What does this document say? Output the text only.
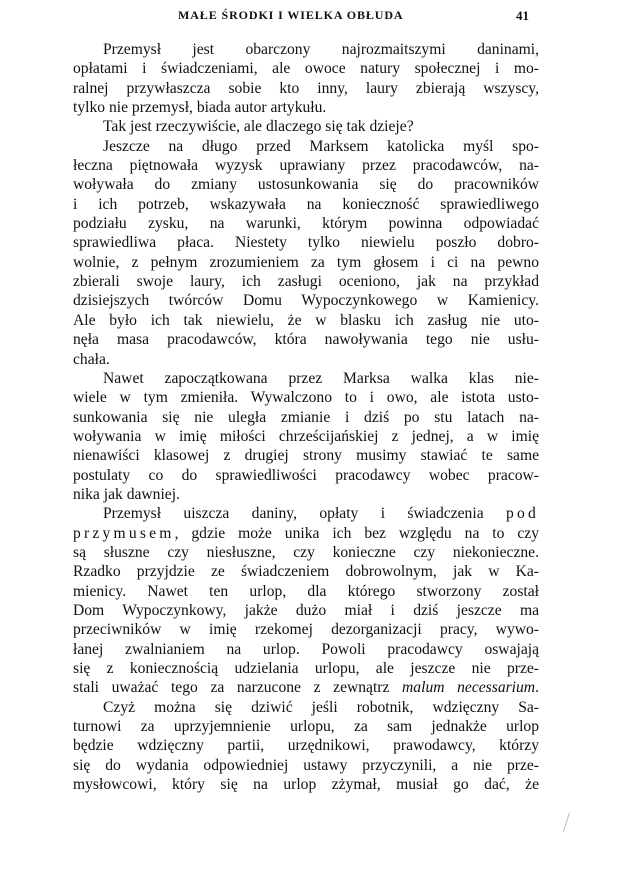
MAŁE ŚRODKI I WIELKA OBŁUDA	41
Przemysł jest obarczony najrozmaitszymi daninami,
opłatami i świadczeniami, ale owoce natury społecznej i mo-
ralnej przywłaszcza sobie kto inny, laury zbierają wszyscy,
tylko nie przemysł, biada autor artykułu.
Tak jest rzeczywiście, ale dlaczego się tak dzieje?
Jeszcze na długo przed Marksem katolicka myśl spo-
łeczna piętnowała wyzysk uprawiany przez pracodawców, na-
woływała do zmiany ustosunkowania się do pracowników
i ich potrzeb, wskazywała na konieczność sprawiedliwego
podziału zysku, na warunki, którym powinna odpowiadać
sprawiedliwa płaca. Niestety tylko niewielu poszło dobro-
wolnie, z pełnym zrozumieniem za tym głosem i ci na pewno
zbierali swoje laury, ich zasługi oceniono, jak na przykład
dzisiejszych twórców Domu Wypoczynkowego w Kamienicy.
Ale było ich tak niewielu, że w blasku ich zasług nie uto-
nęła masa pracodawców, która nawoływania tego nie usłu-
chała.
Nawet zapoczątkowana przez Marksa walka klas nie-
wiele w tym zmieniła. Wywalczono to i owo, ale istota usto-
sunkowania się nie uległa zmianie i dziś po stu latach na-
woływania w imię miłości chrześcijańskiej z jednej, a w imię
nienawiści klasowej z drugiej strony musimy stawiać te same
postulaty co do sprawiedliwości pracodawcy wobec pracow-
nika jak dawniej.
Przemysł uiszcza daniny, opłaty i świadczenia pod
przymusem, gdzie może unika ich bez względu na to czy
są słuszne czy niesłuszne, czy konieczne czy niekonieczne.
Rzadko przyjdzie ze świadczeniem dobrowolnym, jak w Ka-
mienicy. Nawet ten urlop, dla którego stworzony został
Dom Wypoczynkowy, jakże dużo miał i dziś jeszcze ma
przeciwników w imię rzekomej dezorganizacji pracy, wywo-
łanej zwalnianiem na urlop. Powoli pracodawcy oswajają
się z koniecznością udzielania urlopu, ale jeszcze nie prze-
stali uważać tego za narzucone z zewnątrz malum necessarium.
Czyż można się dziwić jeśli robotnik, wdzięczny Sa-
turnowi za uprzyjemnienie urlopu, za sam jednakże urlop
będzie wdzięczny partii, urzędnikowi, prawodawcy, którzy
się do wydania odpowiedniej ustawy przyczynili, a nie prze-
mysłowcowi, który się na urlop zżymał, musiał go dać, że
